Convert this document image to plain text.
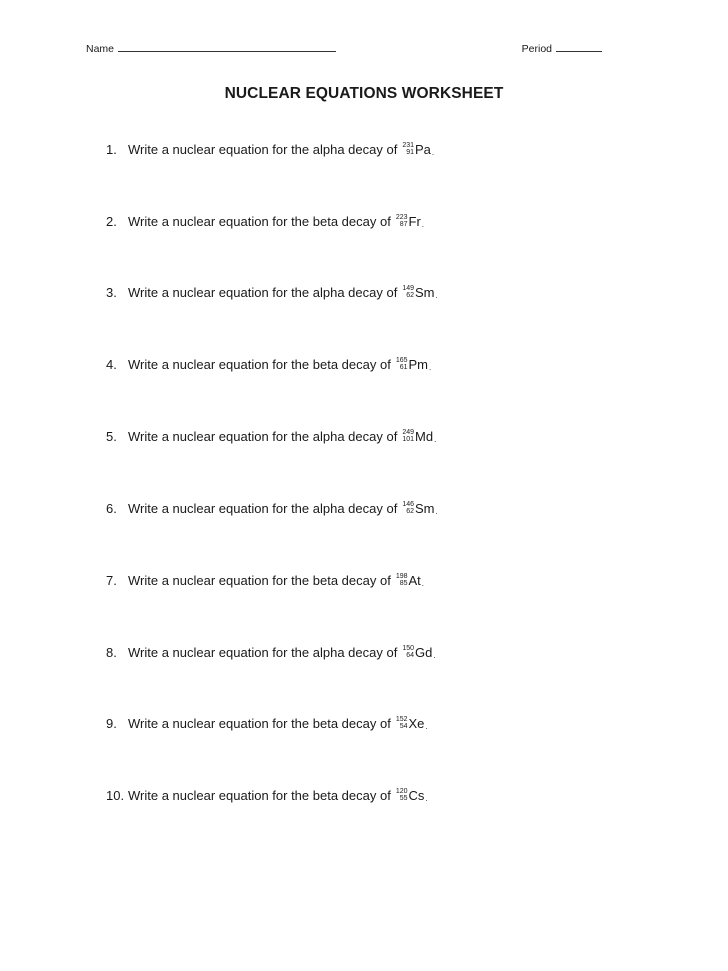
Name	Period
NUCLEAR EQUATIONS WORKSHEET
1. Write a nuclear equation for the alpha decay of 231
91 Pa .
2. Write a nuclear equation for the beta decay of 223
87 Fr .
3. Write a nuclear equation for the alpha decay of 149
62 Sm .
4. Write a nuclear equation for the beta decay of 165
61 Pm .
5. Write a nuclear equation for the alpha decay of 249
101 Md .
6. Write a nuclear equation for the alpha decay of 146
62 Sm .
7. Write a nuclear equation for the beta decay of 198
85 At .
8. Write a nuclear equation for the alpha decay of 150
64 Gd .
9. Write a nuclear equation for the beta decay of 152
54 Xe .
10. Write a nuclear equation for the beta decay of 120
55 Cs .
